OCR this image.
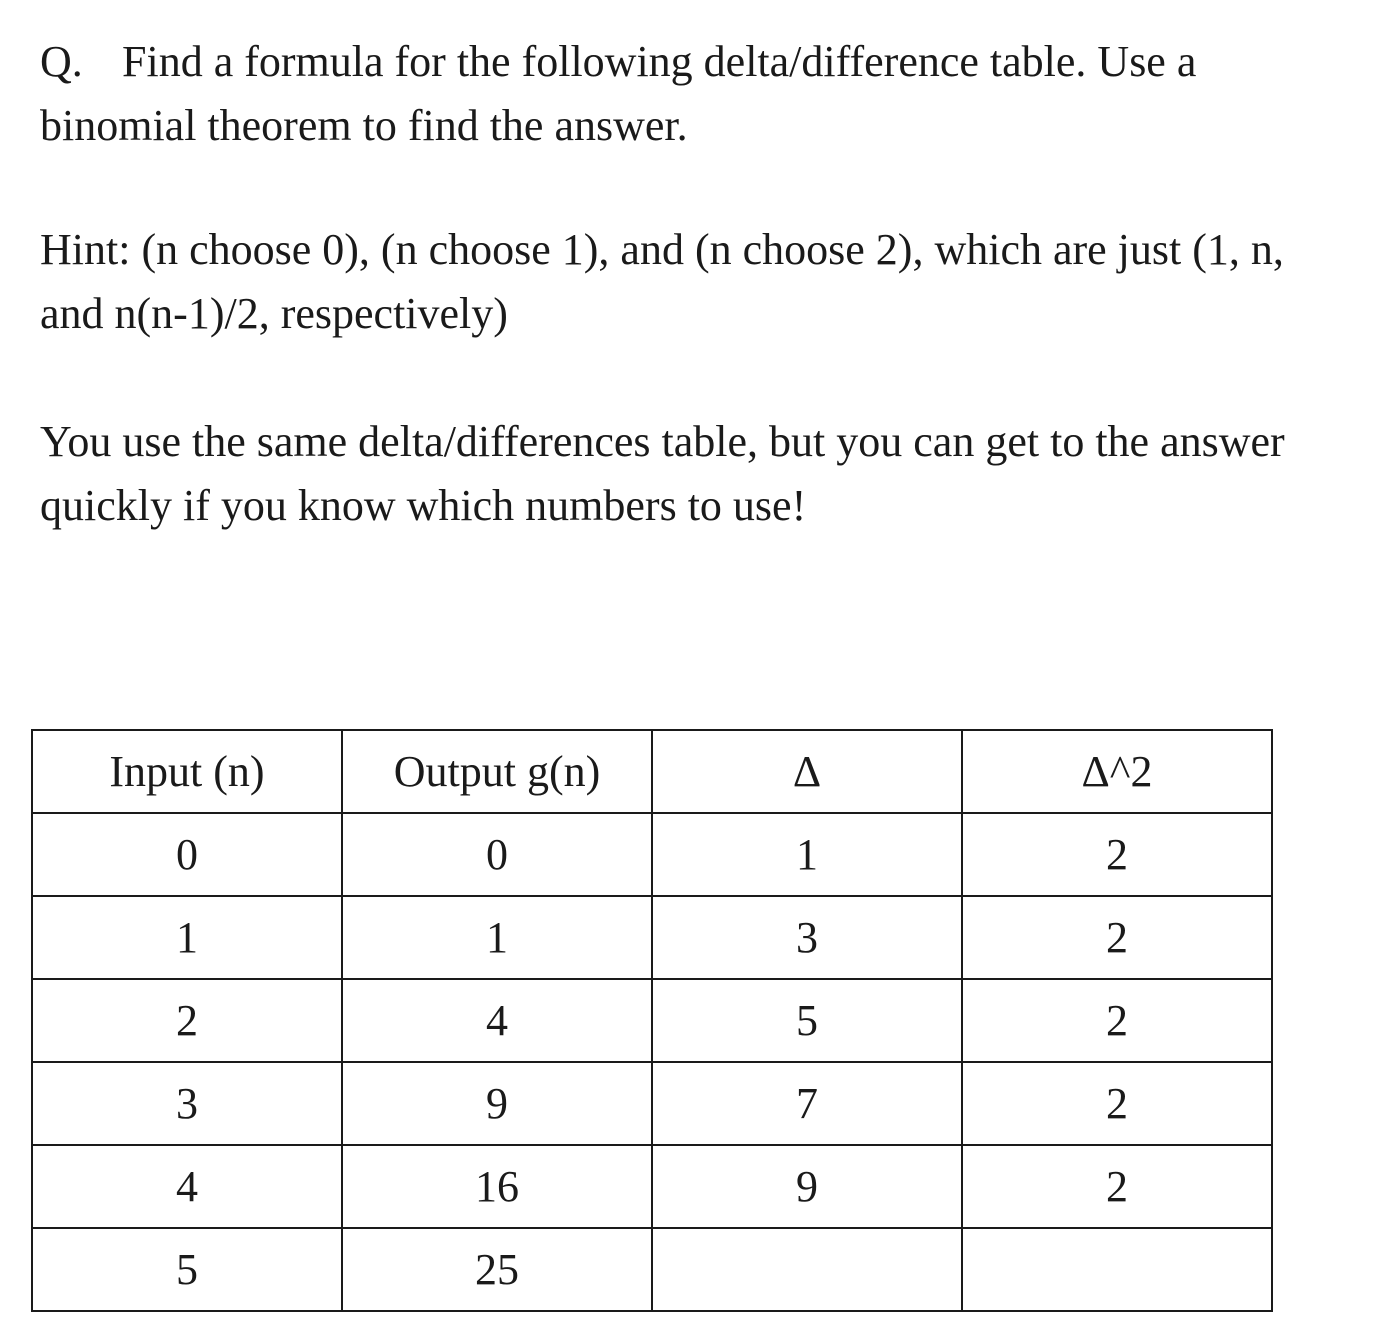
Q. Find a formula for the following delta/difference table. Use a binomial theorem to find the answer.

Hint: (n choose 0), (n choose 1), and (n choose 2), which are just (1, n, and n(n-1)/2, respectively)

You use the same delta/differences table, but you can get to the answer quickly if you know which numbers to use!

Input (n)	Output g(n)	Δ	Δ^2
0	0	1	2
1	1	3	2
2	4	5	2
3	9	7	2
4	16	9	2
5	25		
